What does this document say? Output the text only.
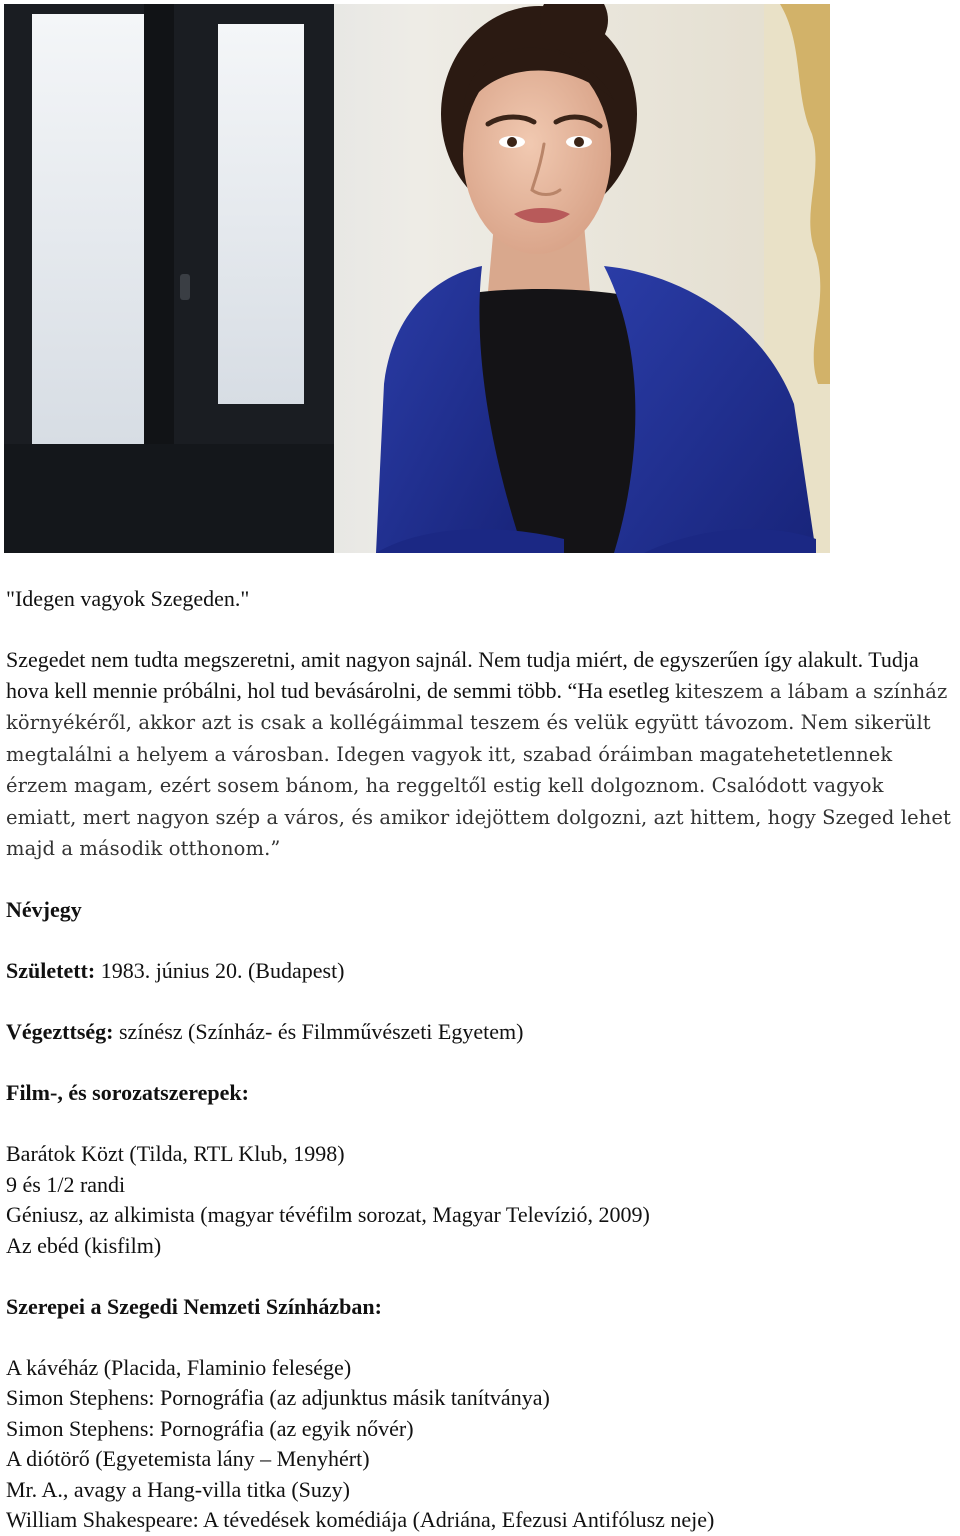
"Idegen vagyok Szegeden."

Szegedet nem tudta megszeretni, amit nagyon sajnál. Nem tudja miért, de egyszerűen így alakult. Tudja hova kell mennie próbálni, hol tud bevásárolni, de semmi több. “Ha esetleg kiteszem a lábam a színház környékéről, akkor azt is csak a kollégáimmal teszem és velük együtt távozom. Nem sikerült megtalálni a helyem a városban. Idegen vagyok itt, szabad óráimban magatehetetlennek érzem magam, ezért sosem bánom, ha reggeltől estig kell dolgoznom. Csalódott vagyok emiatt, mert nagyon szép a város, és amikor idejöttem dolgozni, azt hittem, hogy Szeged lehet majd a második otthonom.”

Névjegy

Született: 1983. június 20. (Budapest)

Végezttség: színész (Színház- és Filmművészeti Egyetem)

Film-, és sorozatszerepek:

Barátok Közt (Tilda, RTL Klub, 1998)

9 és 1/2 randi

Géniusz, az alkimista (magyar tévéfilm sorozat, Magyar Televízió, 2009)

Az ebéd (kisfilm)

Szerepei a Szegedi Nemzeti Színházban:

A kávéház (Placida, Flaminio felesége)

Simon Stephens: Pornográfia (az adjunktus másik tanítványa)

Simon Stephens: Pornográfia (az egyik nővér)

A diótörő (Egyetemista lány – Menyhért)

Mr. A., avagy a Hang-villa titka (Suzy)

William Shakespeare: A tévedések komédiája (Adriána, Efezusi Antifólusz neje)
